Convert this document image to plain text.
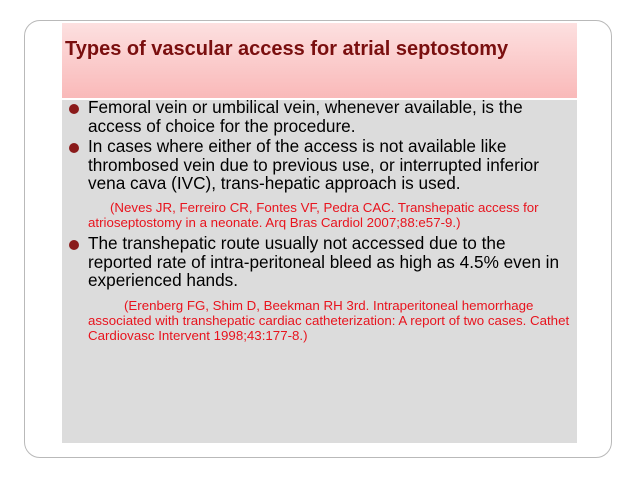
Types of vascular access for atrial septostomy
Femoral vein or umbilical vein, whenever available, is the access of choice for the procedure.
In cases where either of the access is not available like thrombosed vein due to previous use, or interrupted inferior vena cava (IVC), trans-hepatic approach is used.
(Neves JR, Ferreiro CR, Fontes VF, Pedra CAC. Transhepatic access for atrioseptostomy in a neonate. Arq Bras Cardiol 2007;88:e57-9.)
The transhepatic route usually not accessed due to the reported rate of intra-peritoneal bleed as high as 4.5% even in experienced hands.
(Erenberg FG, Shim D, Beekman RH 3rd. Intraperitoneal hemorrhage associated with transhepatic cardiac catheterization: A report of two cases. Cathet Cardiovasc Intervent 1998;43:177-8.)
